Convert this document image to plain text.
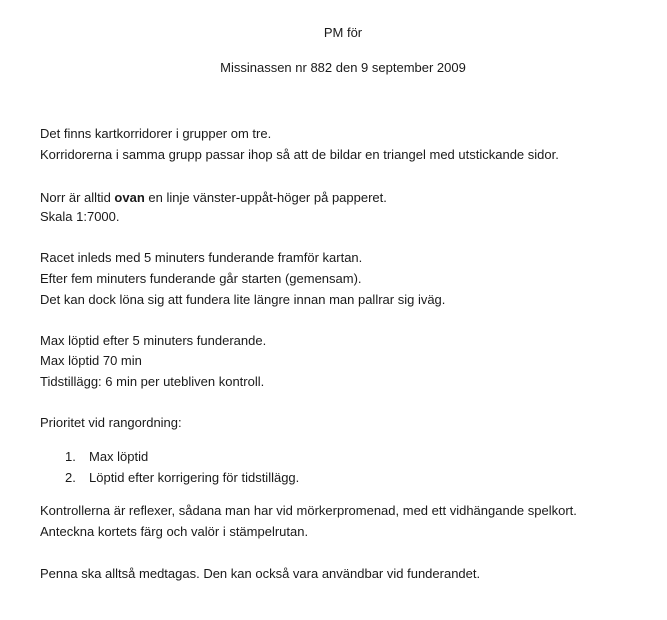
PM för
Missinassen nr 882 den 9 september 2009
Det finns kartkorridorer i grupper om tre.
Korridorerna i samma grupp passar ihop så att de bildar en triangel med utstickande sidor.
Norr är alltid ovan en linje vänster-uppåt-höger på papperet.
Skala 1:7000.
Racet inleds med 5 minuters funderande framför kartan.
Efter fem minuters funderande går starten (gemensam).
Det kan dock löna sig att fundera lite längre innan man pallrar sig iväg.
Max löptid efter 5 minuters funderande.
Max löptid 70 min
Tidstillägg: 6 min per utebliven kontroll.
Prioritet vid rangordning:
1. Max löptid
2. Löptid efter korrigering för tidstillägg.
Kontrollerna är reflexer, sådana man har vid mörkerpromenad, med ett vidhängande spelkort.
Anteckna kortets färg och valör i stämpelrutan.
Penna ska alltså medtagas. Den kan också vara användbar vid funderandet.
